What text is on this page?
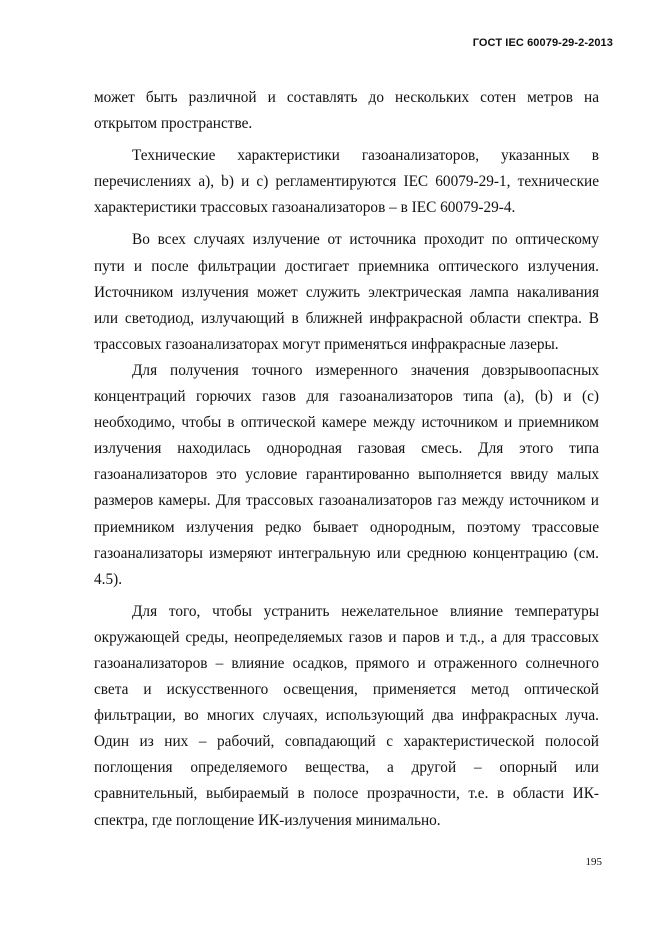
ГОСТ IEC 60079-29-2-2013

может быть различной и составлять до нескольких сотен метров на открытом пространстве.

Технические характеристики газоанализаторов, указанных в перечислениях а), b) и с) регламентируются IEC 60079-29-1, технические характеристики трассовых газоанализаторов – в IEC 60079-29-4.

Во всех случаях излучение от источника проходит по оптическому пути и после фильтрации достигает приемника оптического излучения. Источником излучения может служить электрическая лампа накаливания или светодиод, излучающий в ближней инфракрасной области спектра. В трассовых газоанализаторах могут применяться инфракрасные лазеры.

Для получения точного измеренного значения довзрывоопасных концентраций горючих газов для газоанализаторов типа (a), (b) и (c) необходимо, чтобы в оптической камере между источником и приемником излучения находилась однородная газовая смесь. Для этого типа газоанализаторов это условие гарантированно выполняется ввиду малых размеров камеры. Для трассовых газоанализаторов газ между источником и приемником излучения редко бывает однородным, поэтому трассовые газоанализаторы измеряют интегральную или среднюю концентрацию (см. 4.5).

Для того, чтобы устранить нежелательное влияние температуры окружающей среды, неопределяемых газов и паров и т.д., а для трассовых газоанализаторов – влияние осадков, прямого и отраженного солнечного света и искусственного освещения, применяется метод оптической фильтрации, во многих случаях, использующий два инфракрасных луча. Один из них – рабочий, совпадающий с характеристической полосой поглощения определяемого вещества, а другой – опорный или сравнительный, выбираемый в полосе прозрачности, т.е. в области ИК-спектра, где поглощение ИК-излучения минимально.

195
